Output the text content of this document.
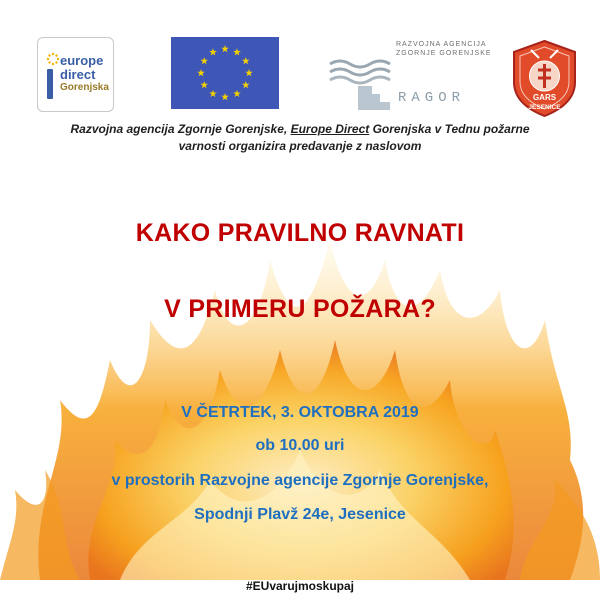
europe
direct
Gorenjska
RAZVOJNA AGENCIJA
ZGORNJE GORENJSKE
RAGOR	GARS
JESENICE
Razvojna agencija Zgornje Gorenjske, Europe Direct Gorenjska v Tednu požarne
varnosti organizira predavanje z naslovom
KAKO PRAVILNO RAVNATI
V PRIMERU POŽARA?
V ČETRTEK, 3. OKTOBRA 2019
ob 10.00 uri
v prostorih Razvojne agencije Zgornje Gorenjske,
Spodnji Plavž 24e, Jesenice
#EUvarujmoskupaj
